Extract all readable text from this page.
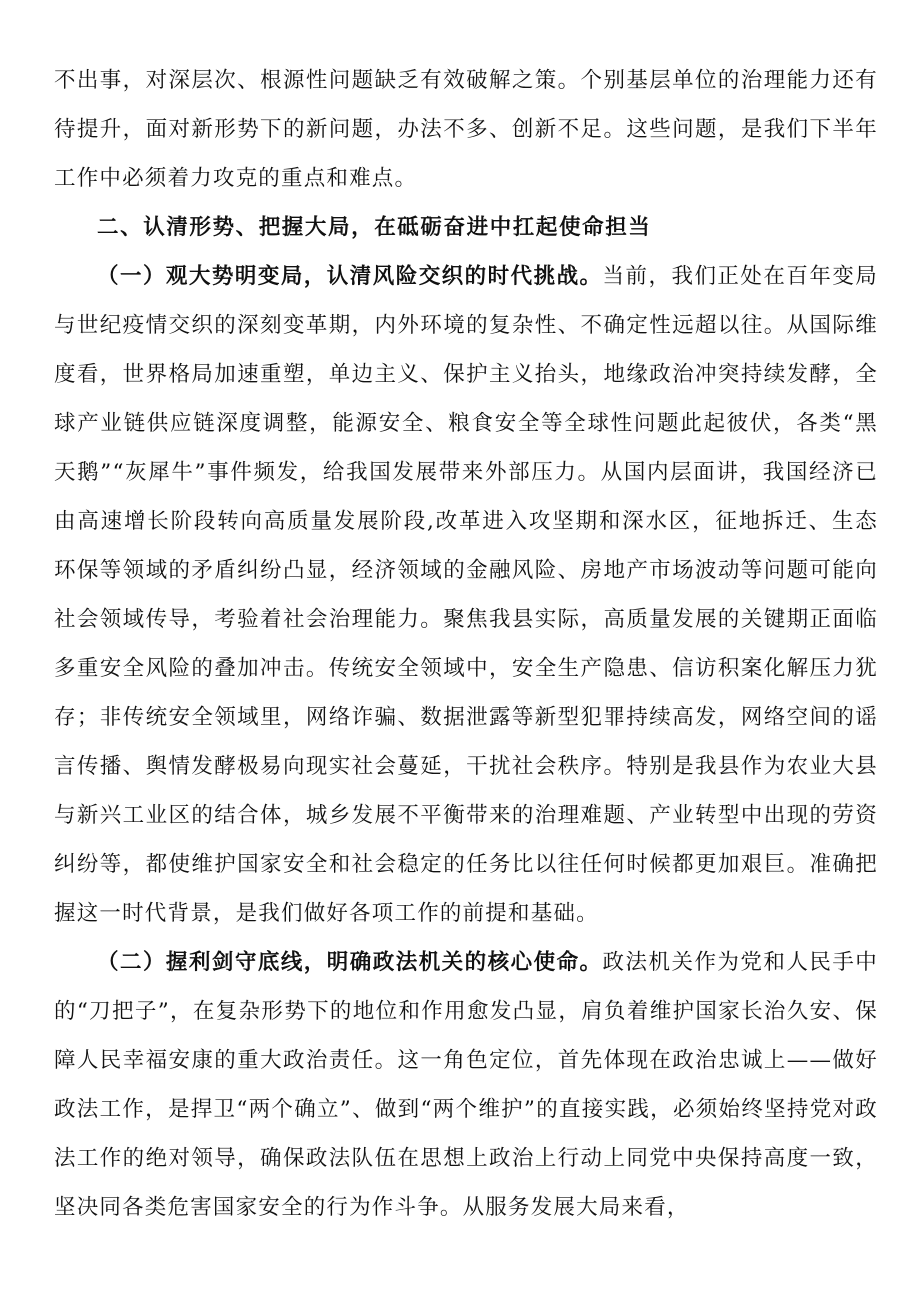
不出事，对深层次、根源性问题缺乏有效破解之策。个别基层单位的治理能力还有待提升，面对新形势下的新问题，办法不多、创新不足。这些问题，是我们下半年工作中必须着力攻克的重点和难点。

二、认清形势、把握大局，在砥砺奋进中扛起使命担当

（一）观大势明变局，认清风险交织的时代挑战。当前，我们正处在百年变局与世纪疫情交织的深刻变革期，内外环境的复杂性、不确定性远超以往。从国际维度看，世界格局加速重塑，单边主义、保护主义抬头，地缘政治冲突持续发酵，全球产业链供应链深度调整，能源安全、粮食安全等全球性问题此起彼伏，各类“黑天鹅”“灰犀牛”事件频发，给我国发展带来外部压力。从国内层面讲，我国经济已由高速增长阶段转向高质量发展阶段,改革进入攻坚期和深水区，征地拆迁、生态环保等领域的矛盾纠纷凸显，经济领域的金融风险、房地产市场波动等问题可能向社会领域传导，考验着社会治理能力。聚焦我县实际，高质量发展的关键期正面临多重安全风险的叠加冲击。传统安全领域中，安全生产隐患、信访积案化解压力犹存；非传统安全领域里，网络诈骗、数据泄露等新型犯罪持续高发，网络空间的谣言传播、舆情发酵极易向现实社会蔓延，干扰社会秩序。特别是我县作为农业大县与新兴工业区的结合体，城乡发展不平衡带来的治理难题、产业转型中出现的劳资纠纷等，都使维护国家安全和社会稳定的任务比以往任何时候都更加艰巨。准确把握这一时代背景，是我们做好各项工作的前提和基础。

（二）握利剑守底线，明确政法机关的核心使命。政法机关作为党和人民手中的“刀把子”，在复杂形势下的地位和作用愈发凸显，肩负着维护国家长治久安、保障人民幸福安康的重大政治责任。这一角色定位，首先体现在政治忠诚上——做好政法工作，是捍卫“两个确立”、做到“两个维护”的直接实践，必须始终坚持党对政法工作的绝对领导，确保政法队伍在思想上政治上行动上同党中央保持高度一致，坚决同各类危害国家安全的行为作斗争。从服务发展大局来看，
